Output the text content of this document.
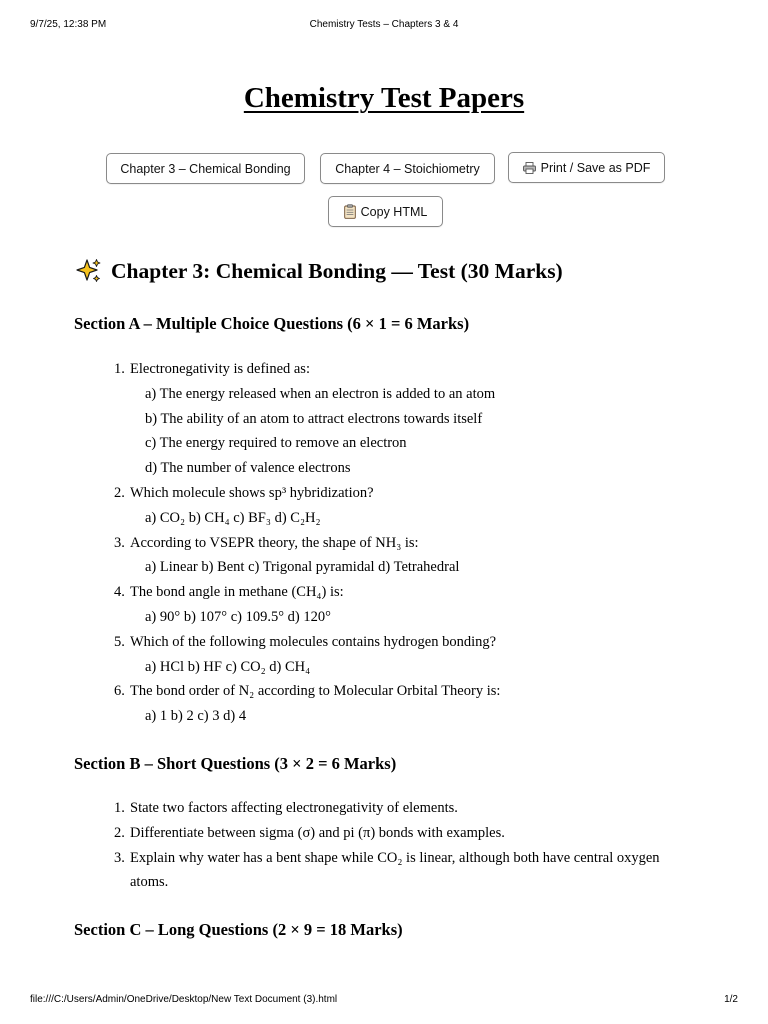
9/7/25, 12:38 PM	Chemistry Tests – Chapters 3 & 4
Chemistry Test Papers
Chapter 3 – Chemical Bonding	Chapter 4 – Stoichiometry	Print / Save as PDF
Copy HTML
Chapter 3: Chemical Bonding — Test (30 Marks)
Section A – Multiple Choice Questions (6 × 1 = 6 Marks)
1. Electronegativity is defined as:
a) The energy released when an electron is added to an atom
b) The ability of an atom to attract electrons towards itself
c) The energy required to remove an electron
d) The number of valence electrons
2. Which molecule shows sp³ hybridization?
a) CO₂ b) CH₄ c) BF₃ d) C₂H₂
3. According to VSEPR theory, the shape of NH₃ is:
a) Linear b) Bent c) Trigonal pyramidal d) Tetrahedral
4. The bond angle in methane (CH₄) is:
a) 90° b) 107° c) 109.5° d) 120°
5. Which of the following molecules contains hydrogen bonding?
a) HCl b) HF c) CO₂ d) CH₄
6. The bond order of N₂ according to Molecular Orbital Theory is:
a) 1 b) 2 c) 3 d) 4
Section B – Short Questions (3 × 2 = 6 Marks)
1. State two factors affecting electronegativity of elements.
2. Differentiate between sigma (σ) and pi (π) bonds with examples.
3. Explain why water has a bent shape while CO₂ is linear, although both have central oxygen atoms.
Section C – Long Questions (2 × 9 = 18 Marks)
file:///C:/Users/Admin/OneDrive/Desktop/New Text Document (3).html	1/2
